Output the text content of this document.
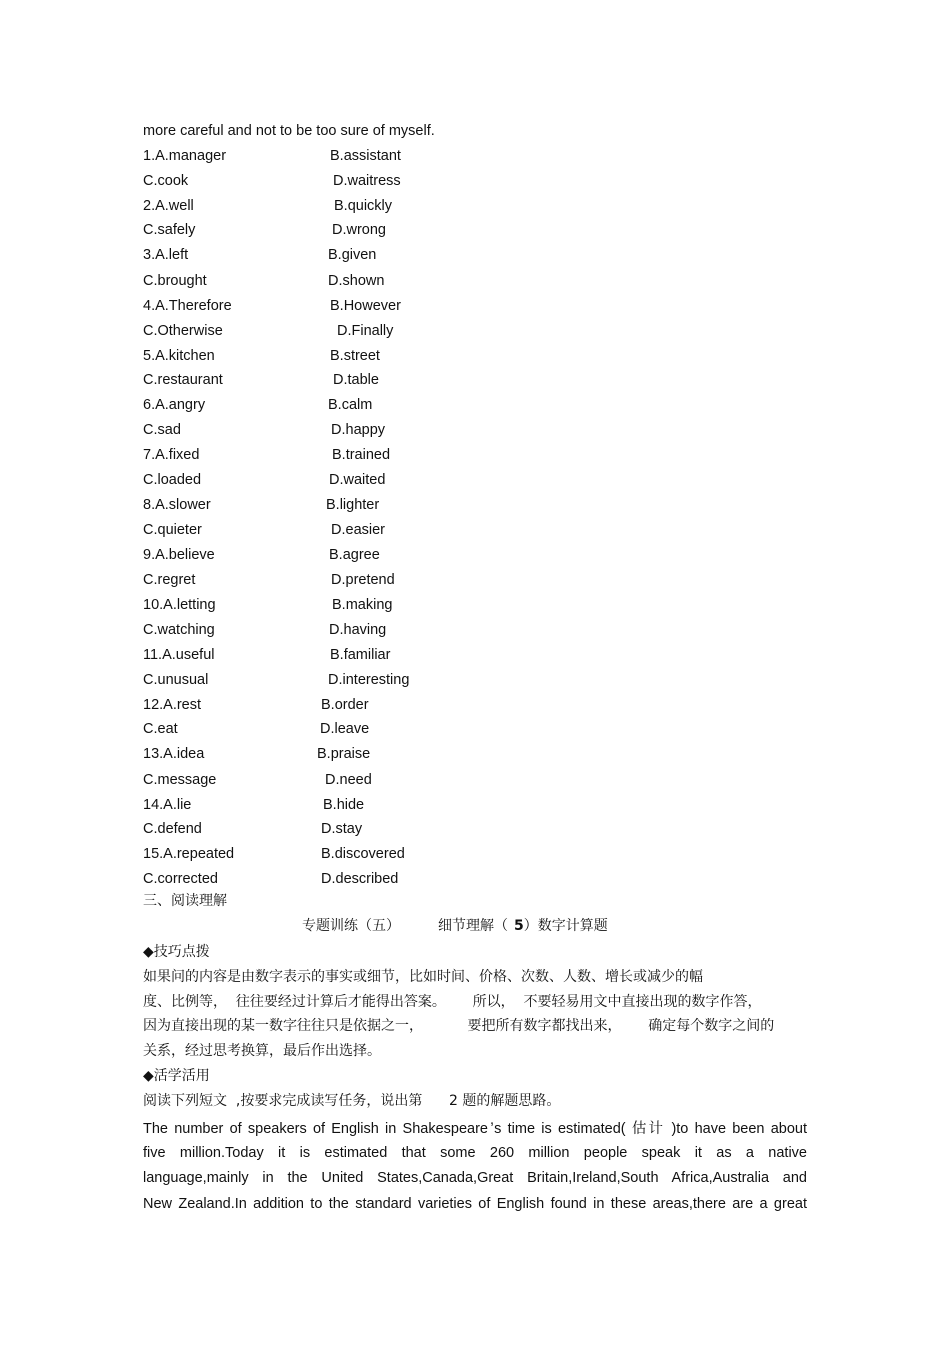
more careful and not to be too sure of myself.
1.A.manager	B.assistant
C.cook	D.waitress
2.A.well	B.quickly
C.safely	D.wrong
3.A.left	B.given
C.brought	D.shown
4.A.Therefore	B.However
C.Otherwise	D.Finally
5.A.kitchen	B.street
C.restaurant	D.table
6.A.angry	B.calm
C.sad	D.happy
7.A.fixed	B.trained
C.loaded	D.waited
8.A.slower	B.lighter
C.quieter	D.easier
9.A.believe	B.agree
C.regret	D.pretend
10.A.letting	B.making
C.watching	D.having
11.A.useful	B.familiar
C.unusual	D.interesting
12.A.rest	B.order
C.eat	D.leave
13.A.idea	B.praise
C.message	D.need
14.A.lie	B.hide
C.defend	D.stay
15.A.repeated	B.discovered
C.corrected	D.described
三、阅读理解
专题训练（五）	细节理解（ 5）数字计算题
◆技巧点拨
如果问的内容是由数字表示的事实或细节，比如时间、价格、次数、人数、增长或减少的幅
度、比例等，  往往要经过计算后才能得出答案。      所以，  不要轻易用文中直接出现的数字作答，
因为直接出现的某一数字往往只是依据之一，          要把所有数字都找出来，      确定每个数字之间的
关系，经过思考换算，最后作出选择。
◆活学活用
阅读下列短文  ,按要求完成读写任务，说出第      2 题的解题思路。
The number of speakers of English in Shakespeare ̓s time is estimated( 估计 )to have been about
five million.Today it is estimated that some 260 million people speak it as a native
language,mainly in the United States,Canada,Great Britain,Ireland,South Africa,Australia and
New Zealand.In addition to the standard varieties of English found in these areas,there are a great
